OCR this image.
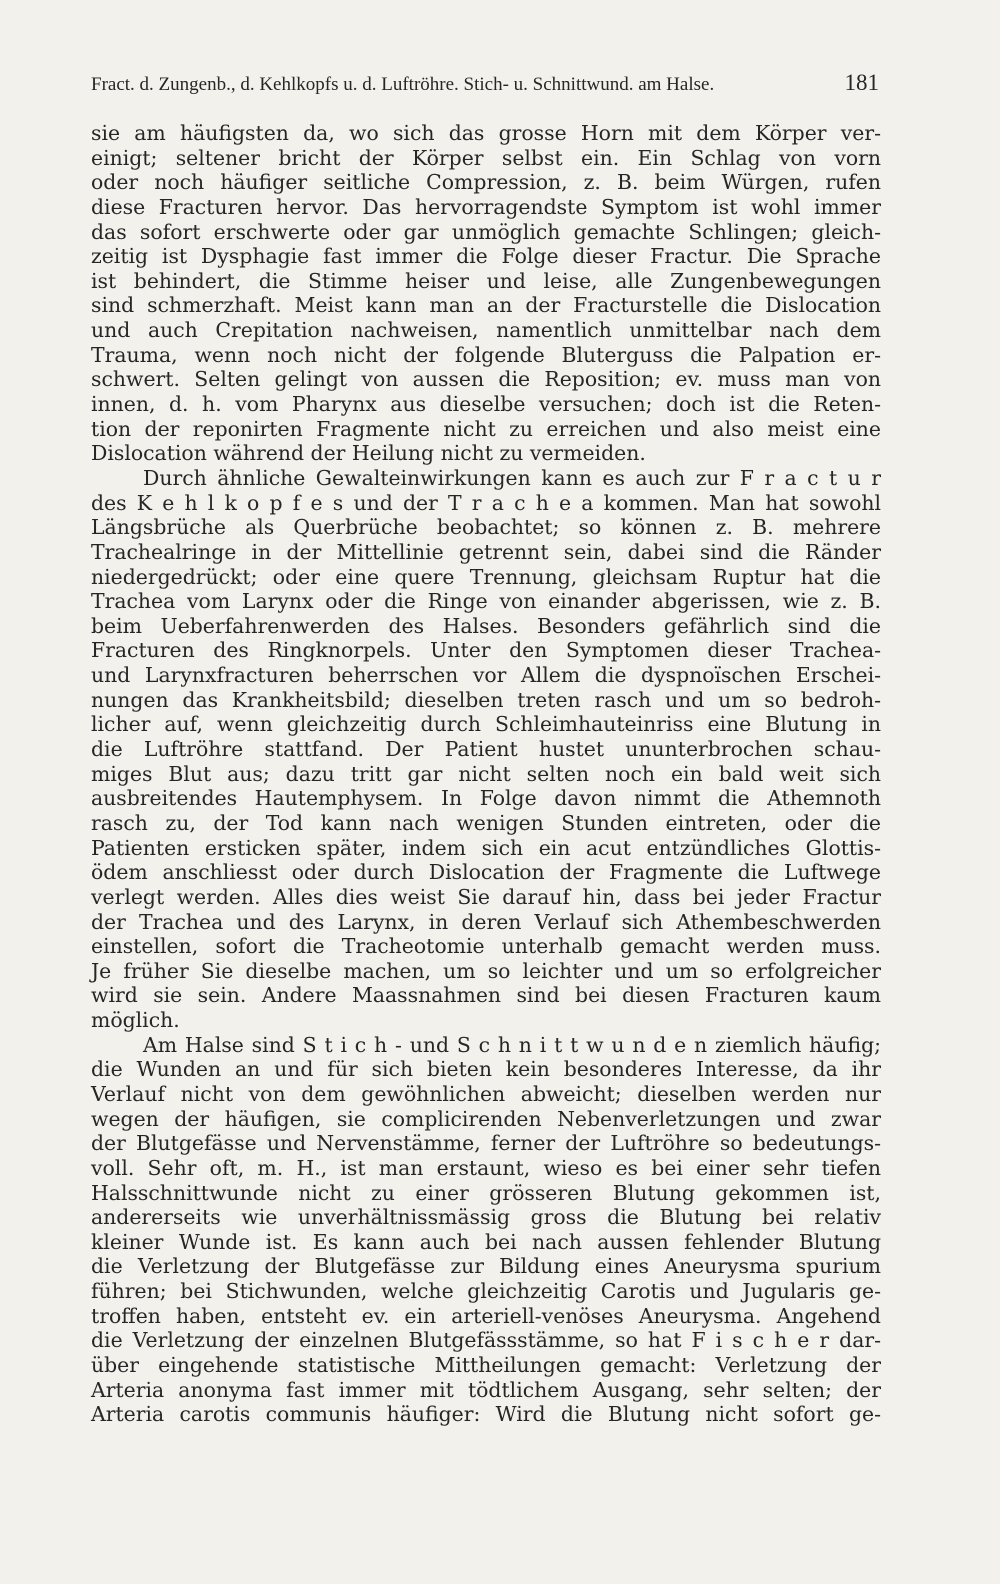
Fract. d. Zungenb., d. Kehlkopfs u. d. Luftröhre. Stich- u. Schnittwund. am Halse.	181
sie am häufigsten da, wo sich das grosse Horn mit dem Körper ver-
einigt; seltener bricht der Körper selbst ein. Ein Schlag von vorn
oder noch häufiger seitliche Compression, z. B. beim Würgen, rufen
diese Fracturen hervor. Das hervorragendste Symptom ist wohl immer
das sofort erschwerte oder gar unmöglich gemachte Schlingen; gleich-
zeitig ist Dysphagie fast immer die Folge dieser Fractur. Die Sprache
ist behindert, die Stimme heiser und leise, alle Zungenbewegungen
sind schmerzhaft. Meist kann man an der Fracturstelle die Dislocation
und auch Crepitation nachweisen, namentlich unmittelbar nach dem
Trauma, wenn noch nicht der folgende Bluterguss die Palpation er-
schwert. Selten gelingt von aussen die Reposition; ev. muss man von
innen, d. h. vom Pharynx aus dieselbe versuchen; doch ist die Reten-
tion der reponirten Fragmente nicht zu erreichen und also meist eine
Dislocation während der Heilung nicht zu vermeiden.
Durch ähnliche Gewalteinwirkungen kann es auch zur F r a c t u r
des K e h l k o p f e s und der T r a c h e a kommen. Man hat sowohl
Längsbrüche als Querbrüche beobachtet; so können z. B. mehrere
Trachealringe in der Mittellinie getrennt sein, dabei sind die Ränder
niedergedrückt; oder eine quere Trennung, gleichsam Ruptur hat die
Trachea vom Larynx oder die Ringe von einander abgerissen, wie z. B.
beim Ueberfahrenwerden des Halses. Besonders gefährlich sind die
Fracturen des Ringknorpels. Unter den Symptomen dieser Trachea-
und Larynxfracturen beherrschen vor Allem die dyspnoïschen Erschei-
nungen das Krankheitsbild; dieselben treten rasch und um so bedroh-
licher auf, wenn gleichzeitig durch Schleimhauteinriss eine Blutung in
die Luftröhre stattfand. Der Patient hustet ununterbrochen schau-
miges Blut aus; dazu tritt gar nicht selten noch ein bald weit sich
ausbreitendes Hautemphysem. In Folge davon nimmt die Athemnoth
rasch zu, der Tod kann nach wenigen Stunden eintreten, oder die
Patienten ersticken später, indem sich ein acut entzündliches Glottis-
ödem anschliesst oder durch Dislocation der Fragmente die Luftwege
verlegt werden. Alles dies weist Sie darauf hin, dass bei jeder Fractur
der Trachea und des Larynx, in deren Verlauf sich Athembeschwerden
einstellen, sofort die Tracheotomie unterhalb gemacht werden muss.
Je früher Sie dieselbe machen, um so leichter und um so erfolgreicher
wird sie sein. Andere Maassnahmen sind bei diesen Fracturen kaum
möglich.
Am Halse sind S t i c h - und S c h n i t t w u n d e n ziemlich häufig;
die Wunden an und für sich bieten kein besonderes Interesse, da ihr
Verlauf nicht von dem gewöhnlichen abweicht; dieselben werden nur
wegen der häufigen, sie complicirenden Nebenverletzungen und zwar
der Blutgefässe und Nervenstämme, ferner der Luftröhre so bedeutungs-
voll. Sehr oft, m. H., ist man erstaunt, wieso es bei einer sehr tiefen
Halsschnittwunde nicht zu einer grösseren Blutung gekommen ist,
andererseits wie unverhältnissmässig gross die Blutung bei relativ
kleiner Wunde ist. Es kann auch bei nach aussen fehlender Blutung
die Verletzung der Blutgefässe zur Bildung eines Aneurysma spurium
führen; bei Stichwunden, welche gleichzeitig Carotis und Jugularis ge-
troffen haben, entsteht ev. ein arteriell-venöses Aneurysma. Angehend
die Verletzung der einzelnen Blutgefässstämme, so hat F i s c h e r dar-
über eingehende statistische Mittheilungen gemacht: Verletzung der
Arteria anonyma fast immer mit tödtlichem Ausgang, sehr selten; der
Arteria carotis communis häufiger: Wird die Blutung nicht sofort ge-
